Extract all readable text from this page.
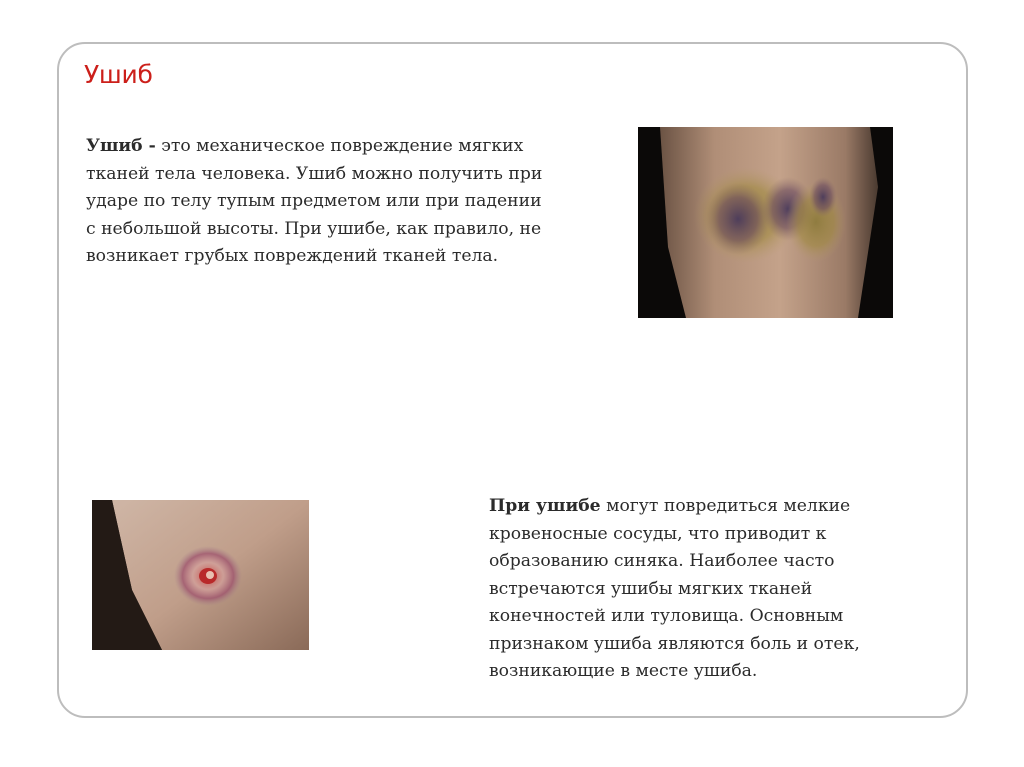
Ушиб

Ушиб - это механическое повреждение мягких тканей тела человека. Ушиб можно получить при ударе по телу тупым предметом или при падении с небольшой высоты. При ушибе, как правило, не возникает грубых повреждений тканей тела.

При ушибе могут повредиться мелкие кровеносные сосуды, что приводит к образованию синяка. Наиболее часто встречаются ушибы мягких тканей конечностей или туловища. Основным признаком ушиба являются боль и отек, возникающие в месте ушиба.
